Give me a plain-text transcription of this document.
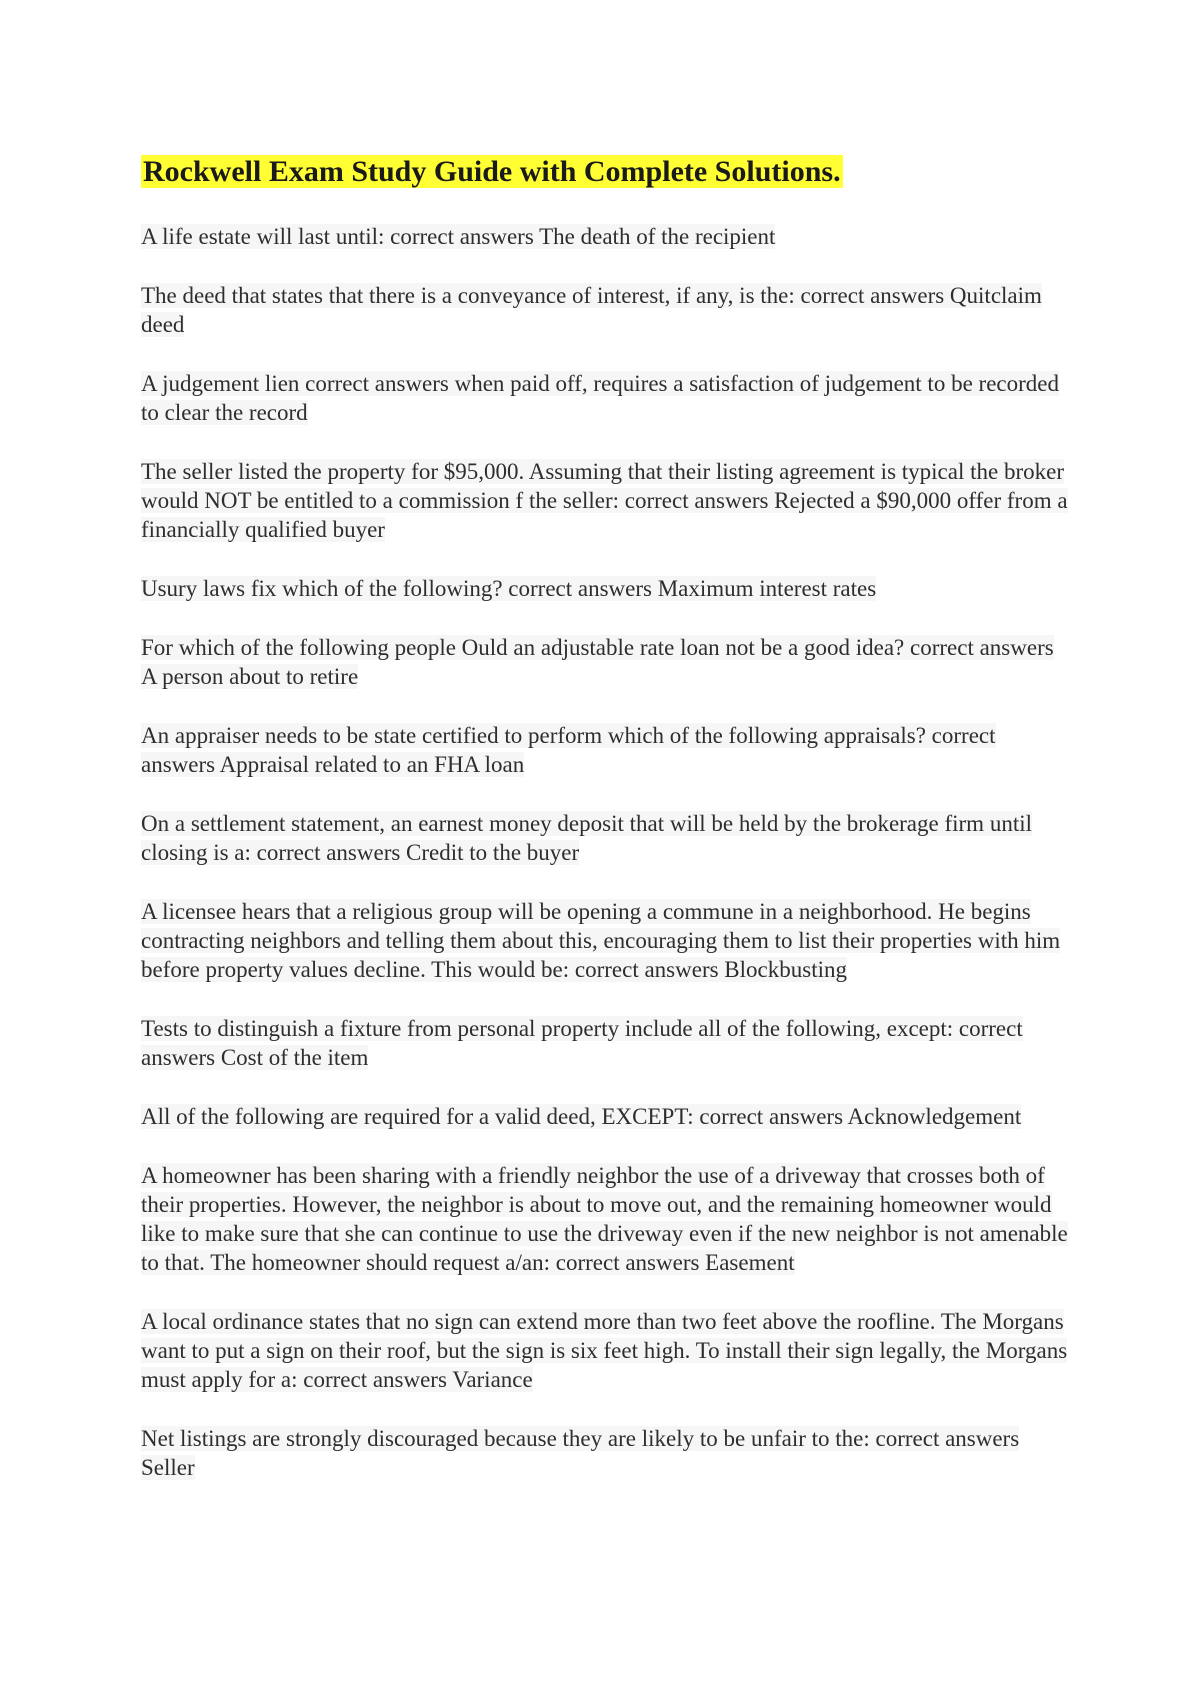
Rockwell Exam Study Guide with Complete Solutions.

A life estate will last until: correct answers The death of the recipient

The deed that states that there is a conveyance of interest, if any, is the: correct answers Quitclaim deed

A judgement lien correct answers when paid off, requires a satisfaction of judgement to be recorded to clear the record

The seller listed the property for $95,000. Assuming that their listing agreement is typical the broker would NOT be entitled to a commission f the seller: correct answers Rejected a $90,000 offer from a financially qualified buyer

Usury laws fix which of the following? correct answers Maximum interest rates

For which of the following people Ould an adjustable rate loan not be a good idea? correct answers A person about to retire

An appraiser needs to be state certified to perform which of the following appraisals? correct answers Appraisal related to an FHA loan

On a settlement statement, an earnest money deposit that will be held by the brokerage firm until closing is a: correct answers Credit to the buyer

A licensee hears that a religious group will be opening a commune in a neighborhood. He begins contracting neighbors and telling them about this, encouraging them to list their properties with him before property values decline. This would be: correct answers Blockbusting

Tests to distinguish a fixture from personal property include all of the following, except: correct answers Cost of the item

All of the following are required for a valid deed, EXCEPT: correct answers Acknowledgement

A homeowner has been sharing with a friendly neighbor the use of a driveway that crosses both of their properties. However, the neighbor is about to move out, and the remaining homeowner would like to make sure that she can continue to use the driveway even if the new neighbor is not amenable to that. The homeowner should request a/an: correct answers Easement

A local ordinance states that no sign can extend more than two feet above the roofline. The Morgans want to put a sign on their roof, but the sign is six feet high. To install their sign legally, the Morgans must apply for a: correct answers Variance

Net listings are strongly discouraged because they are likely to be unfair to the: correct answers Seller
